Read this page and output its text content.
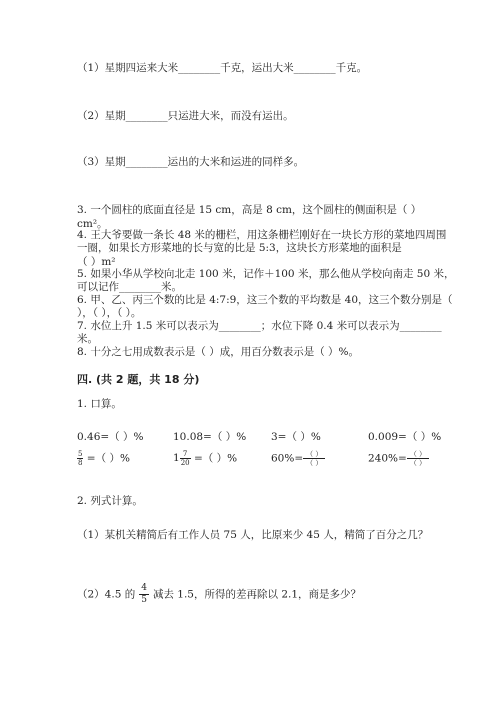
（1）星期四运来大米________千克，运出大米________千克。
（2）星期________只运进大米，而没有运出。
（3）星期________运出的大米和运进的同样多。
3. 一个圆柱的底面直径是 15 cm，高是 8 cm，这个圆柱的侧面积是（ ）
cm²。
4. 王大爷要做一条长 48 米的栅栏，用这条栅栏刚好在一块长方形的菜地四周围
一圈，如果长方形菜地的长与宽的比是 5:3，这块长方形菜地的面积是
（ ）m²
5. 如果小华从学校向北走 100 米，记作＋100 米，那么他从学校向南走 50 米，
可以记作________米。
6. 甲、乙、丙三个数的比是 4:7:9，这三个数的平均数是 40，这三个数分别是（
），（ ），（ ）。
7. 水位上升 1.5 米可以表示为________；水位下降 0.4 米可以表示为________
米。
8. 十分之七用成数表示是（ ）成，用百分数表示是（ ）%。
四. (共 2 题，共 18 分)
1. 口算。
0.46=（ ）%	10.08=（ ）% 3=（ ）%	0.009=（ ）%
$\frac{5}{8}$ =（ ）%	$1 \frac{7}{20}$ =（ ）%	$60\%= \frac{( )}{( )}$	$240\%= \frac{( )}{( )}$
2. 列式计算。
（1）某机关精简后有工作人员 75 人，比原来少 45 人，精简了百分之几？
（2）4.5 的 $\frac{4}{5}$ 减去 1.5，所得的差再除以 2.1，商是多少？
